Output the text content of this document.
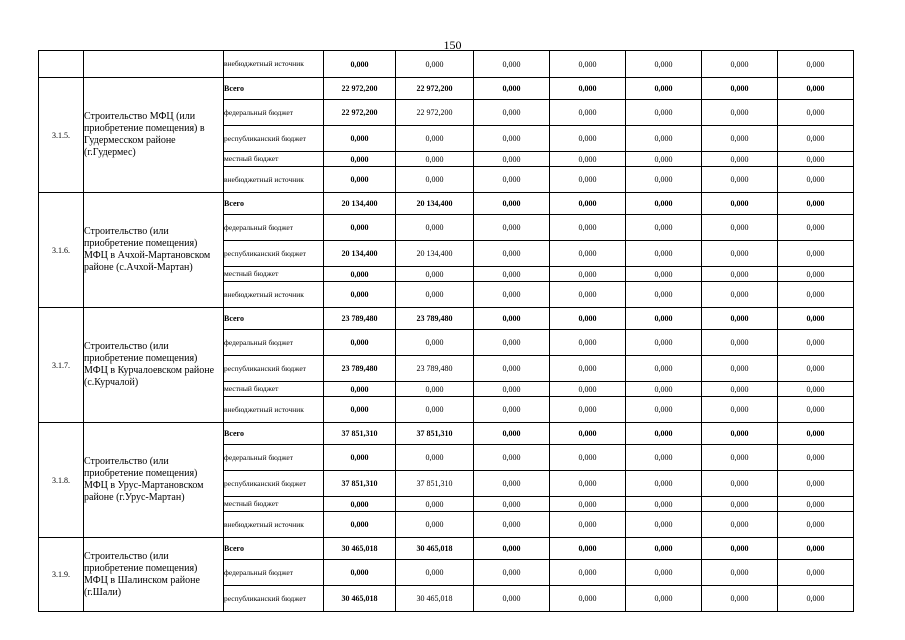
150
		внебюджетный источник	0,000	0,000	0,000	0,000	0,000	0,000	0,000
3.1.5.	Строительство МФЦ (или приобретение помещения) в Гудермесском районе (г.Гудермес)	Всего	22 972,200	22 972,200	0,000	0,000	0,000	0,000	0,000
		федеральный бюджет	22 972,200	22 972,200	0,000	0,000	0,000	0,000	0,000
		республиканский бюджет	0,000	0,000	0,000	0,000	0,000	0,000	0,000
		местный бюджет	0,000	0,000	0,000	0,000	0,000	0,000	0,000
		внебюджетный источник	0,000	0,000	0,000	0,000	0,000	0,000	0,000
3.1.6.	Строительство (или приобретение помещения) МФЦ в Ачхой-Мартановском районе (с.Ачхой-Мартан)	Всего	20 134,400	20 134,400	0,000	0,000	0,000	0,000	0,000
		федеральный бюджет	0,000	0,000	0,000	0,000	0,000	0,000	0,000
		республиканский бюджет	20 134,400	20 134,400	0,000	0,000	0,000	0,000	0,000
		местный бюджет	0,000	0,000	0,000	0,000	0,000	0,000	0,000
		внебюджетный источник	0,000	0,000	0,000	0,000	0,000	0,000	0,000
3.1.7.	Строительство (или приобретение помещения) МФЦ в Курчалоевском районе (с.Курчалой)	Всего	23 789,480	23 789,480	0,000	0,000	0,000	0,000	0,000
		федеральный бюджет	0,000	0,000	0,000	0,000	0,000	0,000	0,000
		республиканский бюджет	23 789,480	23 789,480	0,000	0,000	0,000	0,000	0,000
		местный бюджет	0,000	0,000	0,000	0,000	0,000	0,000	0,000
		внебюджетный источник	0,000	0,000	0,000	0,000	0,000	0,000	0,000
3.1.8.	Строительство (или приобретение помещения) МФЦ в Урус-Мартановском районе (г.Урус-Мартан)	Всего	37 851,310	37 851,310	0,000	0,000	0,000	0,000	0,000
		федеральный бюджет	0,000	0,000	0,000	0,000	0,000	0,000	0,000
		республиканский бюджет	37 851,310	37 851,310	0,000	0,000	0,000	0,000	0,000
		местный бюджет	0,000	0,000	0,000	0,000	0,000	0,000	0,000
		внебюджетный источник	0,000	0,000	0,000	0,000	0,000	0,000	0,000
3.1.9.	Строительство (или приобретение помещения) МФЦ в Шалинском районе (г.Шали)	Всего	30 465,018	30 465,018	0,000	0,000	0,000	0,000	0,000
		федеральный бюджет	0,000	0,000	0,000	0,000	0,000	0,000	0,000
		республиканский бюджет	30 465,018	30 465,018	0,000	0,000	0,000	0,000	0,000
